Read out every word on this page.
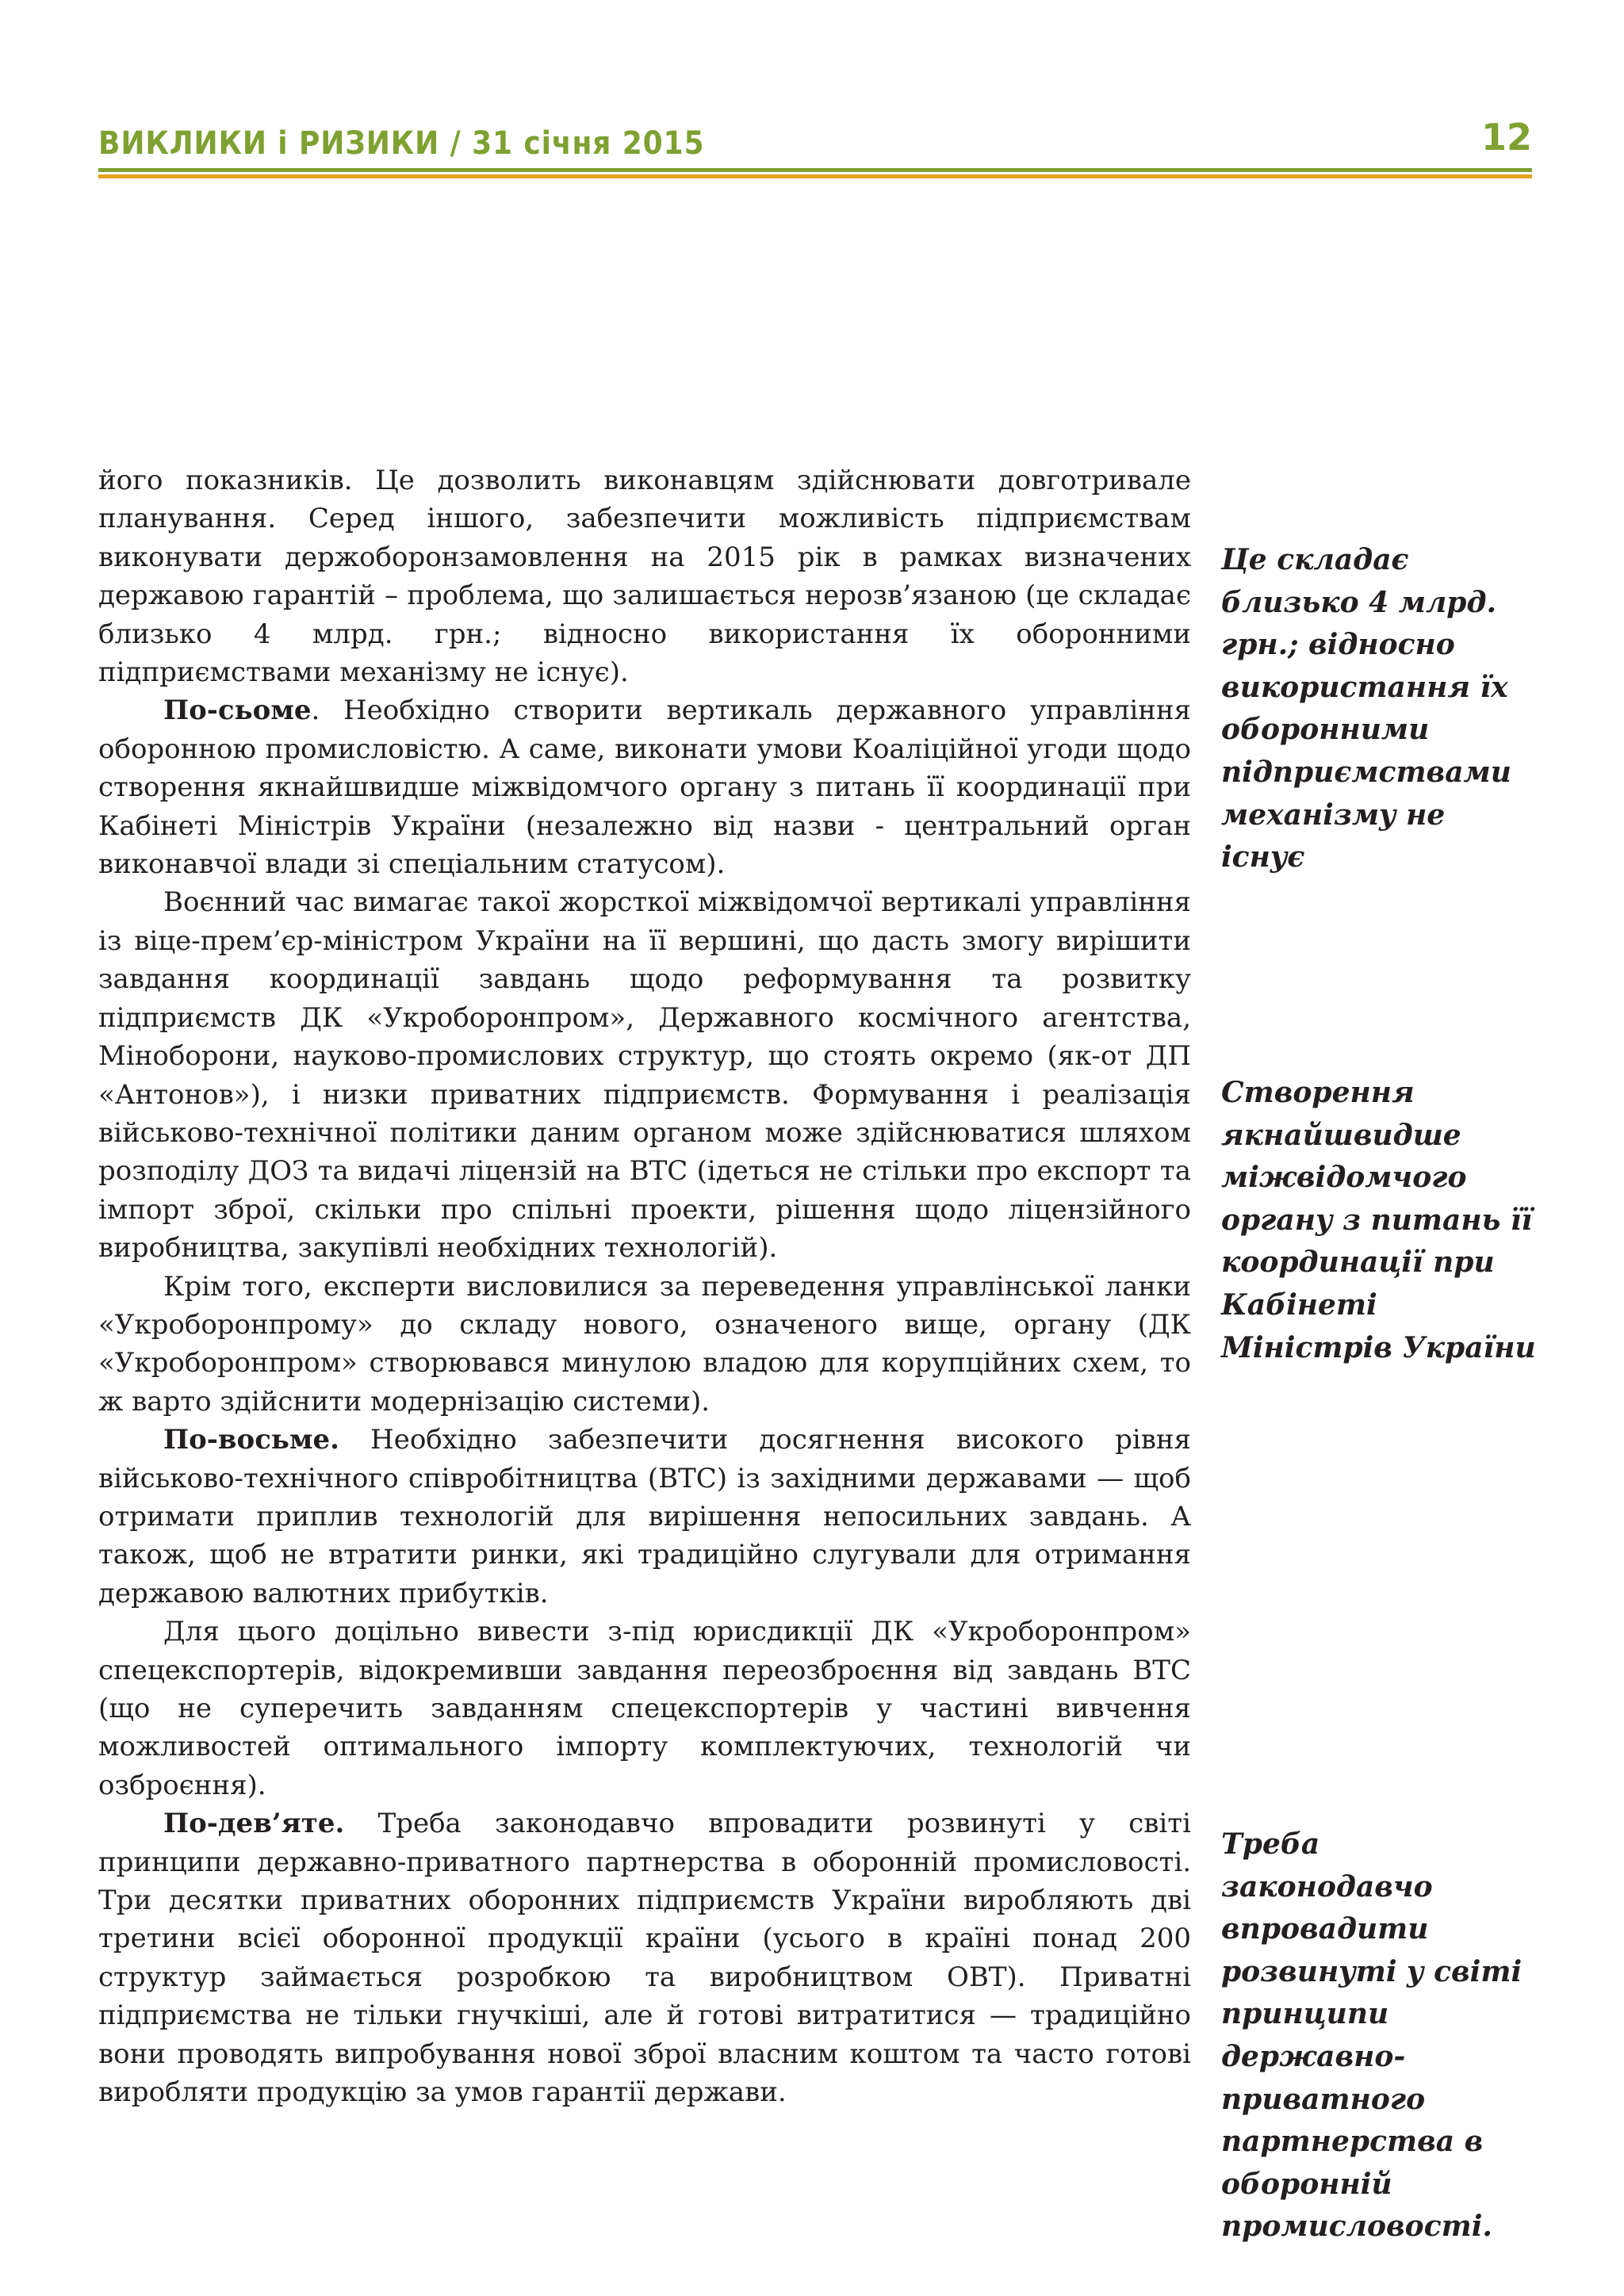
ВИКЛИКИ і РИЗИКИ / 31 січня 2015	12

його показників. Це дозволить виконавцям здійснювати довготривале планування. Серед іншого, забезпечити можливість підприємствам виконувати держоборонзамовлення на 2015 рік в рамках визначених державою гарантій – проблема, що залишається нерозв’язаною (це складає близько 4 млрд. грн.; відносно використання їх оборонними підприємствами механізму не існує).

По-сьоме. Необхідно створити вертикаль державного управління оборонною промисловістю. А саме, виконати умови Коаліційної угоди щодо створення якнайшвидше міжвідомчого органу з питань її координації при Кабінеті Міністрів України (незалежно від назви - центральний орган виконавчої влади зі спеціальним статусом).

Воєнний час вимагає такої жорсткої міжвідомчої вертикалі управління із віце-прем’єр-міністром України на її вершині, що дасть змогу вирішити завдання координації завдань щодо реформування та розвитку підприємств ДК «Укроборонпром», Державного космічного агентства, Міноборони, науково-промислових структур, що стоять окремо (як-от ДП «Антонов»), і низки приватних підприємств. Формування і реалізація військово-технічної політики даним органом може здійснюватися шляхом розподілу ДОЗ та видачі ліцензій на ВТС (ідеться не стільки про експорт та імпорт зброї, скільки про спільні проекти, рішення щодо ліцензійного виробництва, закупівлі необхідних технологій).

Крім того, експерти висловилися за переведення управлінської ланки «Укроборонпрому» до складу нового, означеного вище, органу (ДК «Укроборонпром» створювався минулою владою для корупційних схем, то ж варто здійснити модернізацію системи).

По-восьме. Необхідно забезпечити досягнення високого рівня військово-технічного співробітництва (ВТС) із західними державами — щоб отримати приплив технологій для вирішення непосильних завдань. А також, щоб не втратити ринки, які традиційно слугували для отримання державою валютних прибутків.

Для цього доцільно вивести з-під юрисдикції ДК «Укроборонпром» спецекспортерів, відокремивши завдання переозброєння від завдань ВТС (що не суперечить завданням спецекспортерів у частині вивчення можливостей оптимального імпорту комплектуючих, технологій чи озброєння).

По-дев’яте. Треба законодавчо впровадити розвинуті у світі принципи державно-приватного партнерства в оборонній промисловості. Три десятки приватних оборонних підприємств України виробляють дві третини всієї оборонної продукції країни (усього в країні понад 200 структур займається розробкою та виробництвом ОВТ). Приватні підприємства не тільки гнучкіші, але й готові витратитися — традиційно вони проводять випробування нової зброї власним коштом та часто готові виробляти продукцію за умов гарантії держави.

Це складає близько 4 млрд. грн.; відносно використання їх оборонними підприємствами механізму не існує
Створення якнайшвидше міжвідомчого органу з питань її координації при Кабінеті Міністрів України
Треба законодавчо впровадити розвинуті у світі принципи державно-приватного партнерства в оборонній промисловості.
